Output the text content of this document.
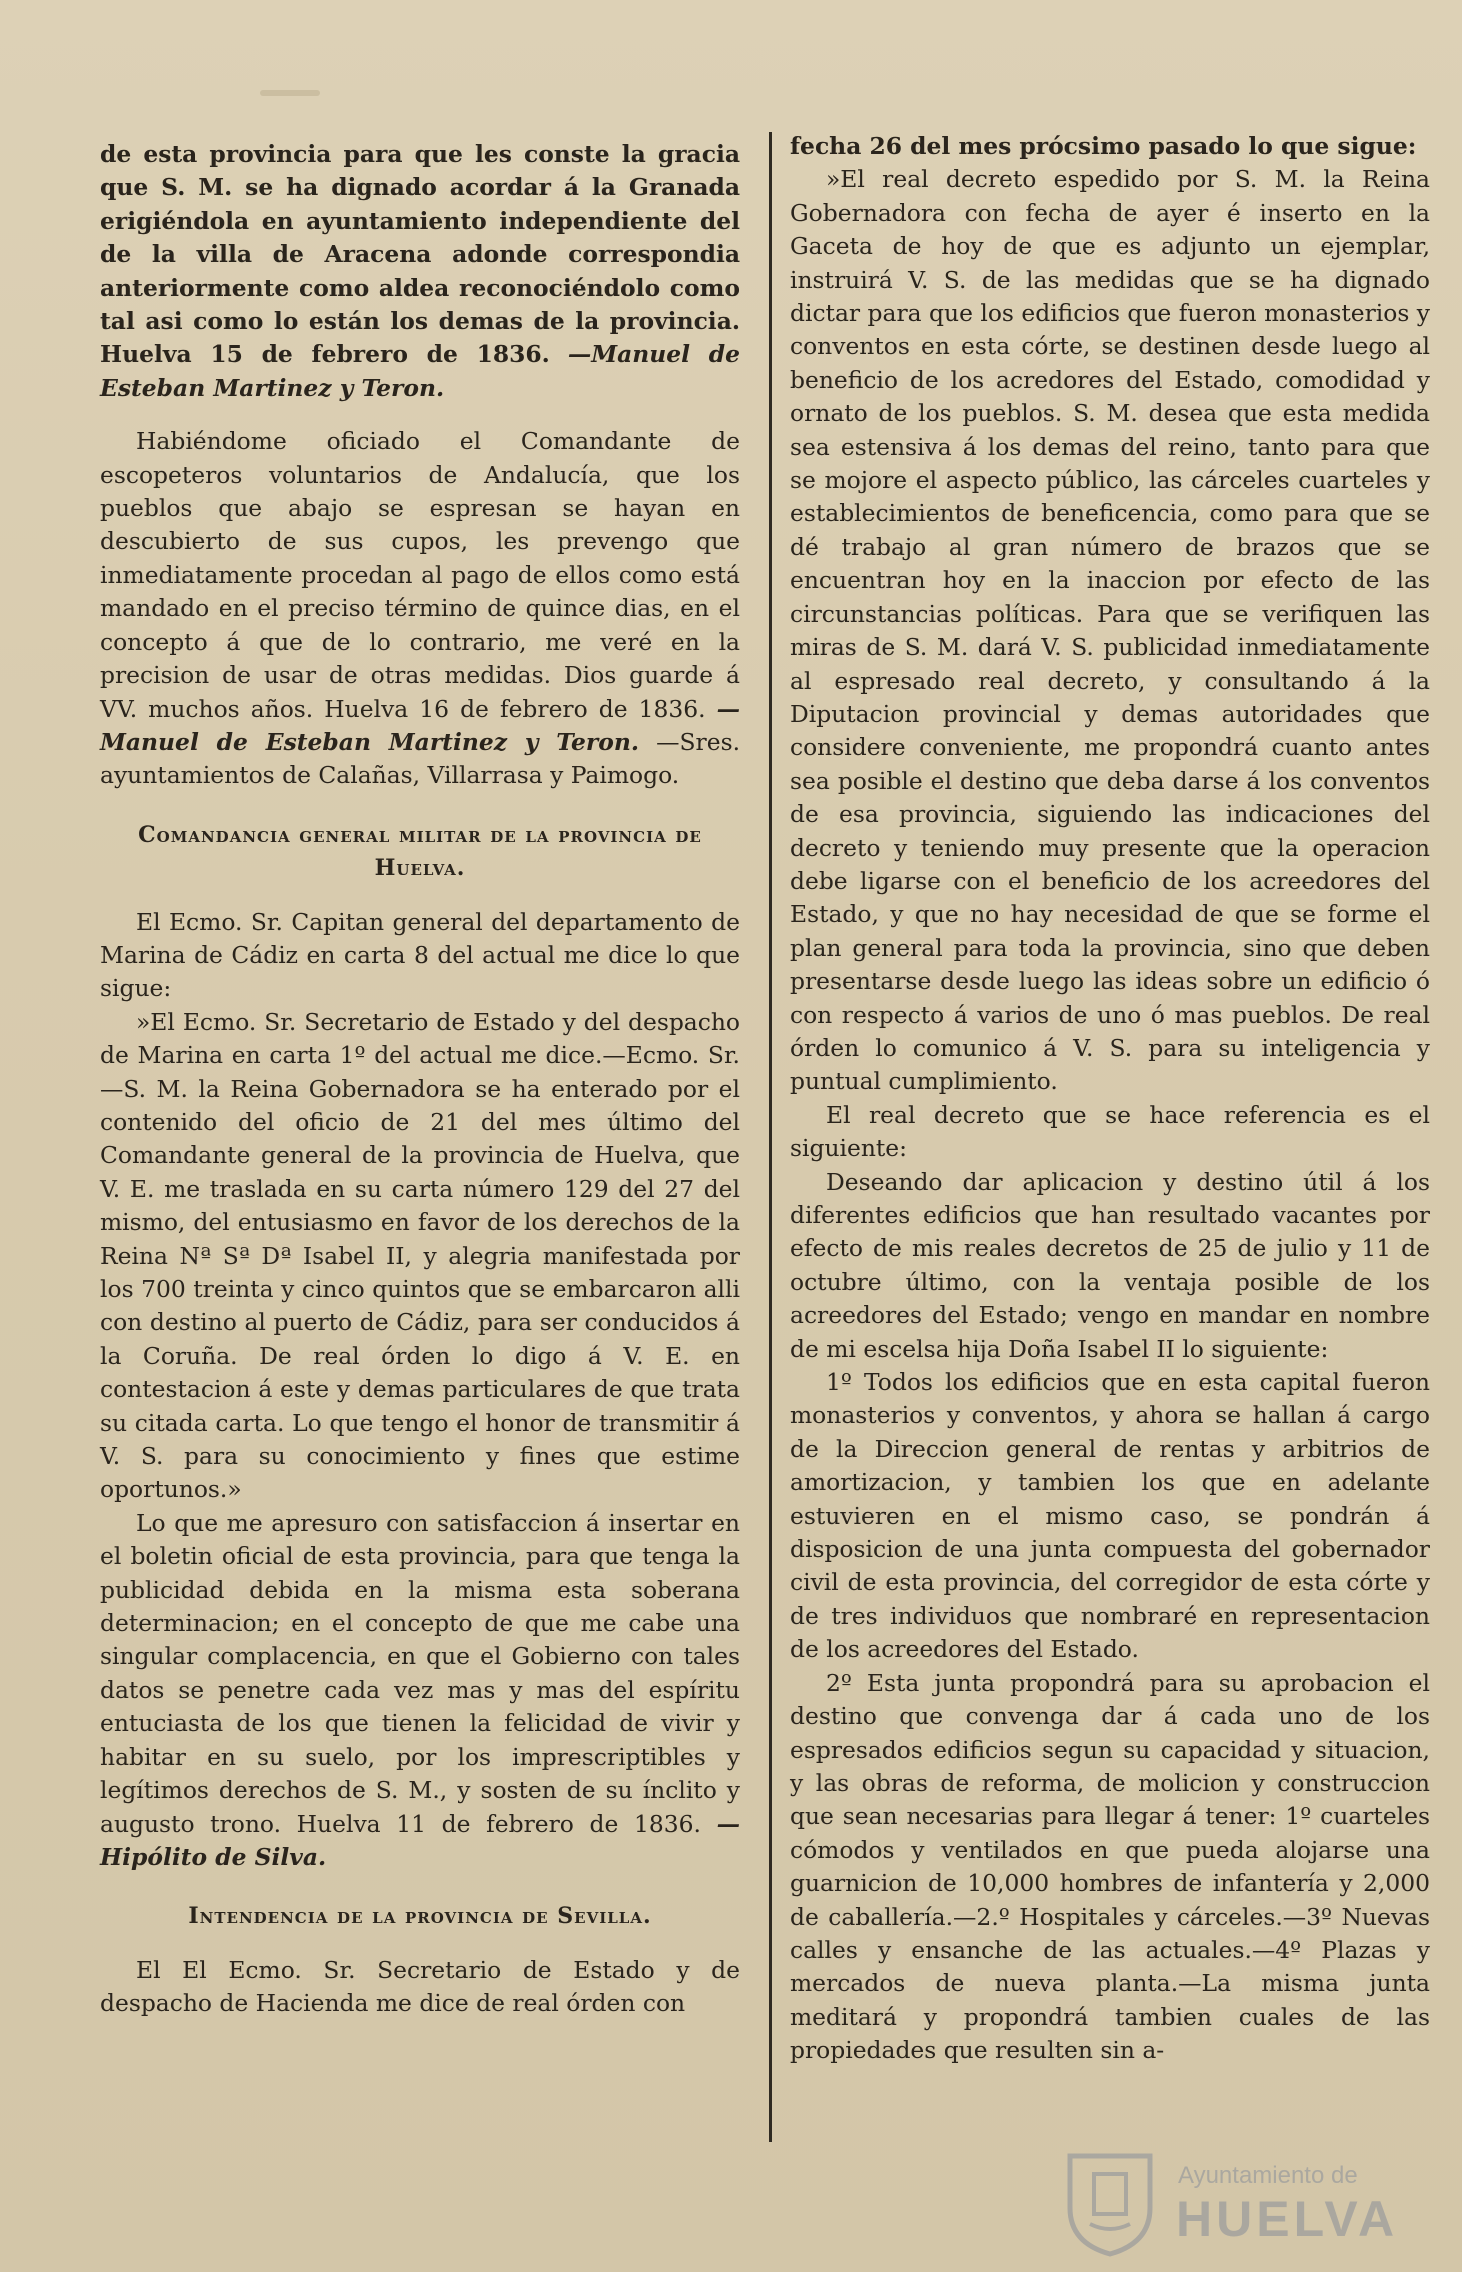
de esta provincia para que les conste la gracia que S. M. se ha dignado acordar á la Granada erigiéndola en ayuntamiento independiente del de la villa de Aracena adonde correspondia anteriormente como aldea reconociéndolo como tal asi como lo están los demas de la provincia. Huelva 15 de febrero de 1836. —Manuel de Esteban Martinez y Teron.

Habiéndome oficiado el Comandante de escopeteros voluntarios de Andalucía, que los pueblos que abajo se espresan se hayan en descubierto de sus cupos, les prevengo que inmediatamente procedan al pago de ellos como está mandado en el preciso término de quince dias, en el concepto á que de lo contrario, me veré en la precision de usar de otras medidas. Dios guarde á VV. muchos años. Huelva 16 de febrero de 1836. —Manuel de Esteban Martinez y Teron. —Sres. ayuntamientos de Calañas, Villarrasa y Paimogo.

Comandancia general militar de la provincia de Huelva.

El Ecmo. Sr. Capitan general del departamento de Marina de Cádiz en carta 8 del actual me dice lo que sigue:

»El Ecmo. Sr. Secretario de Estado y del despacho de Marina en carta 1º del actual me dice.—Ecmo. Sr.—S. M. la Reina Gobernadora se ha enterado por el contenido del oficio de 21 del mes último del Comandante general de la provincia de Huelva, que V. E. me traslada en su carta número 129 del 27 del mismo, del entusiasmo en favor de los derechos de la Reina Nª Sª Dª Isabel II, y alegria manifestada por los 700 treinta y cinco quintos que se embarcaron alli con destino al puerto de Cádiz, para ser conducidos á la Coruña. De real órden lo digo á V. E. en contestacion á este y demas particulares de que trata su citada carta. Lo que tengo el honor de transmitir á V. S. para su conocimiento y fines que estime oportunos.»

Lo que me apresuro con satisfaccion á insertar en el boletin oficial de esta provincia, para que tenga la publicidad debida en la misma esta soberana determinacion; en el concepto de que me cabe una singular complacencia, en que el Gobierno con tales datos se penetre cada vez mas y mas del espíritu entuciasta de los que tienen la felicidad de vivir y habitar en su suelo, por los imprescriptibles y legítimos derechos de S. M., y sosten de su ínclito y augusto trono. Huelva 11 de febrero de 1836. —Hipólito de Silva.

Intendencia de la provincia de Sevilla.

El El Ecmo. Sr. Secretario de Estado y de despacho de Hacienda me dice de real órden con

fecha 26 del mes prócsimo pasado lo que sigue:

»El real decreto espedido por S. M. la Reina Gobernadora con fecha de ayer é inserto en la Gaceta de hoy de que es adjunto un ejemplar, instruirá V. S. de las medidas que se ha dignado dictar para que los edificios que fueron monasterios y conventos en esta córte, se destinen desde luego al beneficio de los acredores del Estado, comodidad y ornato de los pueblos. S. M. desea que esta medida sea estensiva á los demas del reino, tanto para que se mojore el aspecto público, las cárceles cuarteles y establecimientos de beneficencia, como para que se dé trabajo al gran número de brazos que se encuentran hoy en la inaccion por efecto de las circunstancias políticas. Para que se verifiquen las miras de S. M. dará V. S. publicidad inmediatamente al espresado real decreto, y consultando á la Diputacion provincial y demas autoridades que considere conveniente, me propondrá cuanto antes sea posible el destino que deba darse á los conventos de esa provincia, siguiendo las indicaciones del decreto y teniendo muy presente que la operacion debe ligarse con el beneficio de los acreedores del Estado, y que no hay necesidad de que se forme el plan general para toda la provincia, sino que deben presentarse desde luego las ideas sobre un edificio ó con respecto á varios de uno ó mas pueblos. De real órden lo comunico á V. S. para su inteligencia y puntual cumplimiento.

El real decreto que se hace referencia es el siguiente:

Deseando dar aplicacion y destino útil á los diferentes edificios que han resultado vacantes por efecto de mis reales decretos de 25 de julio y 11 de octubre último, con la ventaja posible de los acreedores del Estado; vengo en mandar en nombre de mi escelsa hija Doña Isabel II lo siguiente:

1º Todos los edificios que en esta capital fueron monasterios y conventos, y ahora se hallan á cargo de la Direccion general de rentas y arbitrios de amortizacion, y tambien los que en adelante estuvieren en el mismo caso, se pondrán á disposicion de una junta compuesta del gobernador civil de esta provincia, del corregidor de esta córte y de tres individuos que nombraré en representacion de los acreedores del Estado.

2º Esta junta propondrá para su aprobacion el destino que convenga dar á cada uno de los espresados edificios segun su capacidad y situacion, y las obras de reforma, de molicion y construccion que sean necesarias para llegar á tener: 1º cuarteles cómodos y ventilados en que pueda alojarse una guarnicion de 10,000 hombres de infantería y 2,000 de caballería.—2.º Hospitales y cárceles.—3º Nuevas calles y ensanche de las actuales.—4º Plazas y mercados de nueva planta.—La misma junta meditará y propondrá tambien cuales de las propiedades que resulten sin a-

Ayuntamiento de
HUELVA
